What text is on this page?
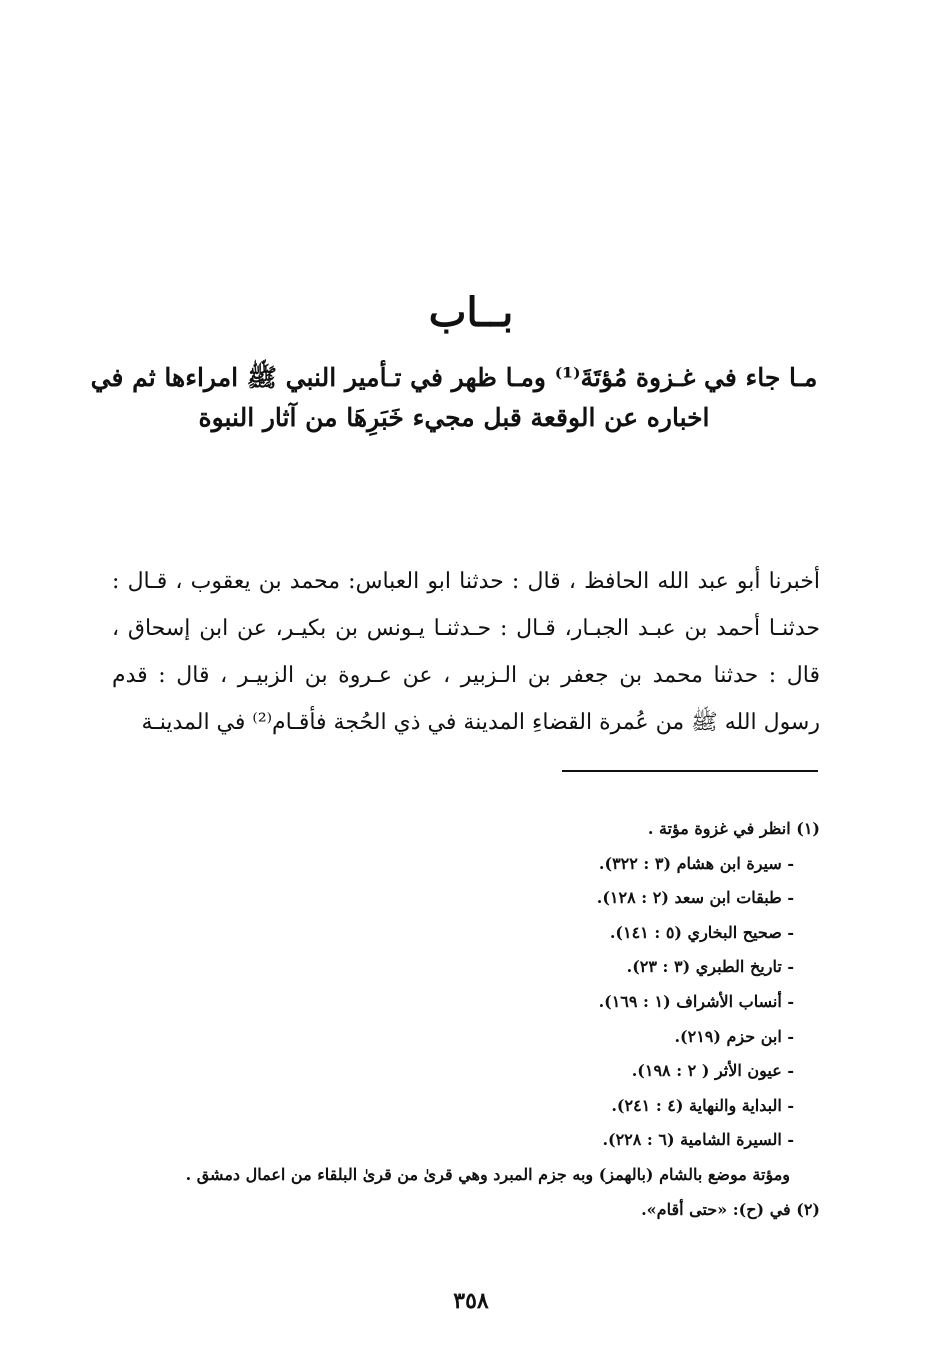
بــاب
مـا جاء في غـزوة مُؤتَةَ⁽¹⁾ ومـا ظهر في تـأمير النبي ﷺ امراءها ثم في اخباره عن الوقعة قبل مجيء خَبَرِهَا من آثار النبوة

أخبرنا أبو عبد الله الحافظ ، قال : حدثنا ابو العباس: محمد بن يعقوب ، قـال : حدثنـا أحمد بن عبـد الجبـار، قـال : حـدثنـا يـونس بن بكيـر، عن ابن إسحاق ، قال : حدثنا محمد بن جعفر بن الـزبير ، عن عـروة بن الزبيـر ، قال : قدم رسول الله ﷺ من عُمرة القضاءِ المدينة في ذي الحُجة فأقـام⁽²⁾ في المدينـة

(١) انظر في غزوة مؤتة .
- سيرة ابن هشام (٣ : ٣٢٢).
- طبقات ابن سعد (٢ : ١٢٨).
- صحيح البخاري (٥ : ١٤١).
- تاريخ الطبري (٣ : ٢٣).
- أنساب الأشراف (١ : ١٦٩).
- ابن حزم (٢١٩).
- عيون الأثر ( ٢ : ١٩٨).
- البداية والنهاية (٤ : ٢٤١).
- السيرة الشامية (٦ : ٢٢٨).
ومؤتة موضع بالشام (بالهمز) وبه جزم المبرد وهي قرىٰ من قرىٰ البلقاء من اعمال دمشق .
(٢) في (ح): «حتى أقام».
٣٥٨
